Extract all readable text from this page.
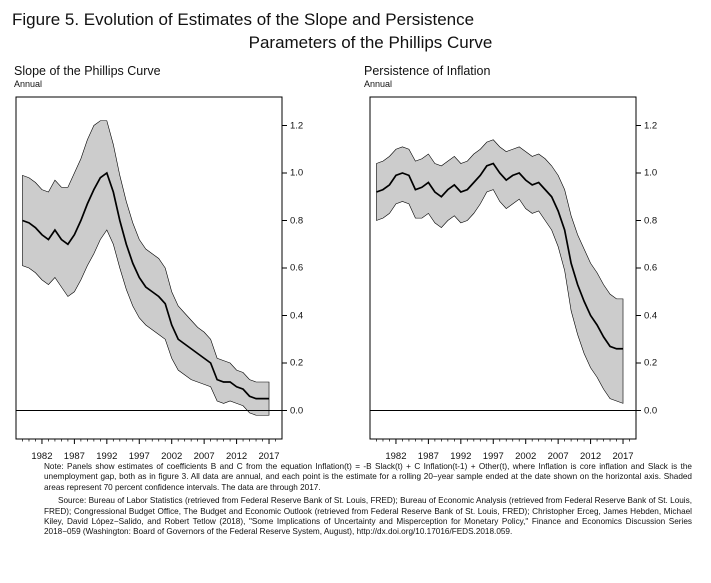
Figure 5. Evolution of Estimates of the Slope and Persistence
Parameters of the Phillips Curve
Slope of the Phillips Curve
Annual
0.0
0.2
0.4
0.6
0.8
1.0
1.2
1982 1987 1992 1997 2002 2007 2012 2017
Persistence of Inflation
Annual
0.0
0.2
0.4
0.6
0.8
1.0
1.2
1982 1987 1992 1997 2002 2007 2012 2017
Note: Panels show estimates of coefficients B and C from the equation Inflation(t) = -B Slack(t) + C Inflation(t-1) + Other(t), where Inflation is core inflation and Slack is the unemployment gap, both as in figure 3. All data are annual, and each point is the estimate for a rolling 20−year sample ended at the date shown on the horizontal axis. Shaded areas represent 70 percent confidence intervals. The data are through 2017.
Source: Bureau of Labor Statistics (retrieved from Federal Reserve Bank of St. Louis, FRED); Bureau of Economic Analysis (retrieved from Federal Reserve Bank of St. Louis, FRED); Congressional Budget Office, The Budget and Economic Outlook (retrieved from Federal Reserve Bank of St. Louis, FRED); Christopher Erceg, James Hebden, Michael Kiley, David López−Salido, and Robert Tetlow (2018), "Some Implications of Uncertainty and Misperception for Monetary Policy," Finance and Economics Discussion Series 2018−059 (Washington: Board of Governors of the Federal Reserve System, August), http://dx.doi.org/10.17016/FEDS.2018.059.
